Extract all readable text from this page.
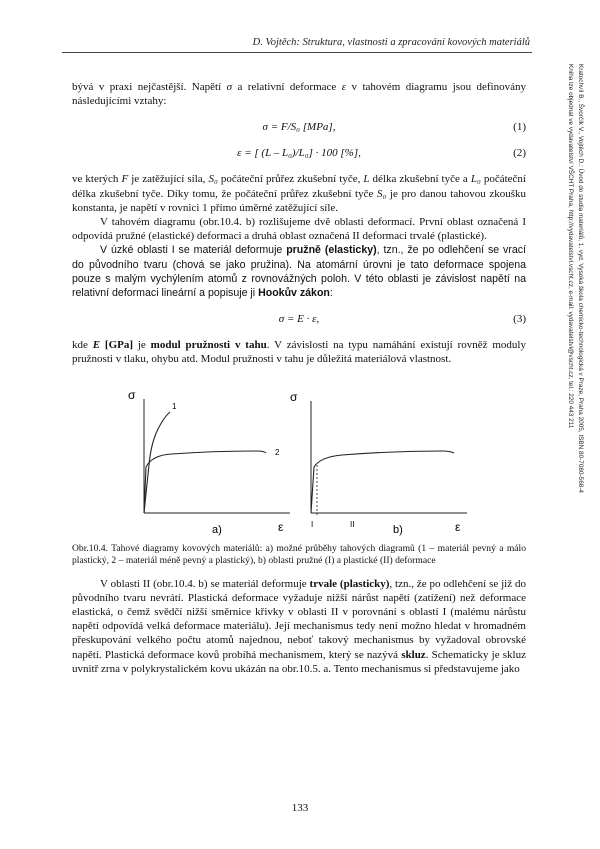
D. Vojtěch: Struktura, vlastnosti a zpracování kovových materiálů
Kratochvíl B., Švorčík V., Vojtěch D.: Úvod do studia materiálů, 1. vyd. Vysoká škola chemicko-technologická v Praze, Praha 2005, ISBN 80-7080-568-4
Kniha lze objednat ve vydavatelství VŠCHT Praha, http://vydavatelstvi.vscht.cz, e-mail: vydavatelstvi@vscht.cz, tel.: 220 443 211

bývá v praxi nejčastější. Napětí σ a relativní deformace ε v tahovém diagramu jsou definovány následujícími vztahy:

σ = F/S₀ [MPa],	(1)
ε = [ (L – L₀)/L₀] · 100 [%],	(2)

ve kterých F je zatěžující síla, S₀ počáteční průřez zkušební tyče, L délka zkušební tyče a L₀ počáteční délka zkušební tyče. Díky tomu, že počáteční průřez zkušební tyče S₀ je pro danou tahovou zkoušku konstanta, je napětí v rovnici 1 přímo úměrné zatěžující síle.

V tahovém diagramu (obr.10.4. b) rozlišujeme dvě oblasti deformací. První oblast označená I odpovídá pružné (elastické) deformaci a druhá oblast označená II deformaci trvalé (plastické).

V úzké oblasti I se materiál deformuje pružně (elasticky), tzn., že po odlehčení se vrací do původního tvaru (chová se jako pružina). Na atomární úrovni je tato deformace spojena pouze s malým vychýlením atomů z rovnovážných poloh. V této oblasti je závislost napětí na relativní deformaci lineární a popisuje ji Hookův zákon:

σ = E · ε,	(3)

kde E [GPa] je modul pružnosti v tahu. V závislosti na typu namáhání existují rovněž moduly pružnosti v tlaku, ohybu atd. Modul pružnosti v tahu je důležitá materiálová vlastnost.

σ
ε
1
2
a)
σ
ε
I	II	b)
Obr.10.4. Tahové diagramy kovových materiálů: a) možné průběhy tahových diagramů (1 – materiál pevný a málo plastický, 2 – materiál méně pevný a plastický), b) oblasti pružné (I) a plastické (II) deformace

V oblasti II (obr.10.4. b) se materiál deformuje trvale (plasticky), tzn., že po odlehčení se již do původního tvaru nevrátí. Plastická deformace vyžaduje nižší nárůst napětí (zatížení) než deformace elastická, o čemž svědčí nižší směrnice křivky v oblasti II v porovnání s oblastí I (malému nárůstu napětí odpovídá velká deformace materiálu). Její mechanismus tedy není možno hledat v hromadném přeskupování velkého počtu atomů najednou, neboť takový mechanismus by vyžadoval obrovské napětí. Plastická deformace kovů probíhá mechanismem, který se nazývá skluz. Schematicky je skluz uvnitř zrna v polykrystalickém kovu ukázán na obr.10.5. a. Tento mechanismus si představujeme jako

133
